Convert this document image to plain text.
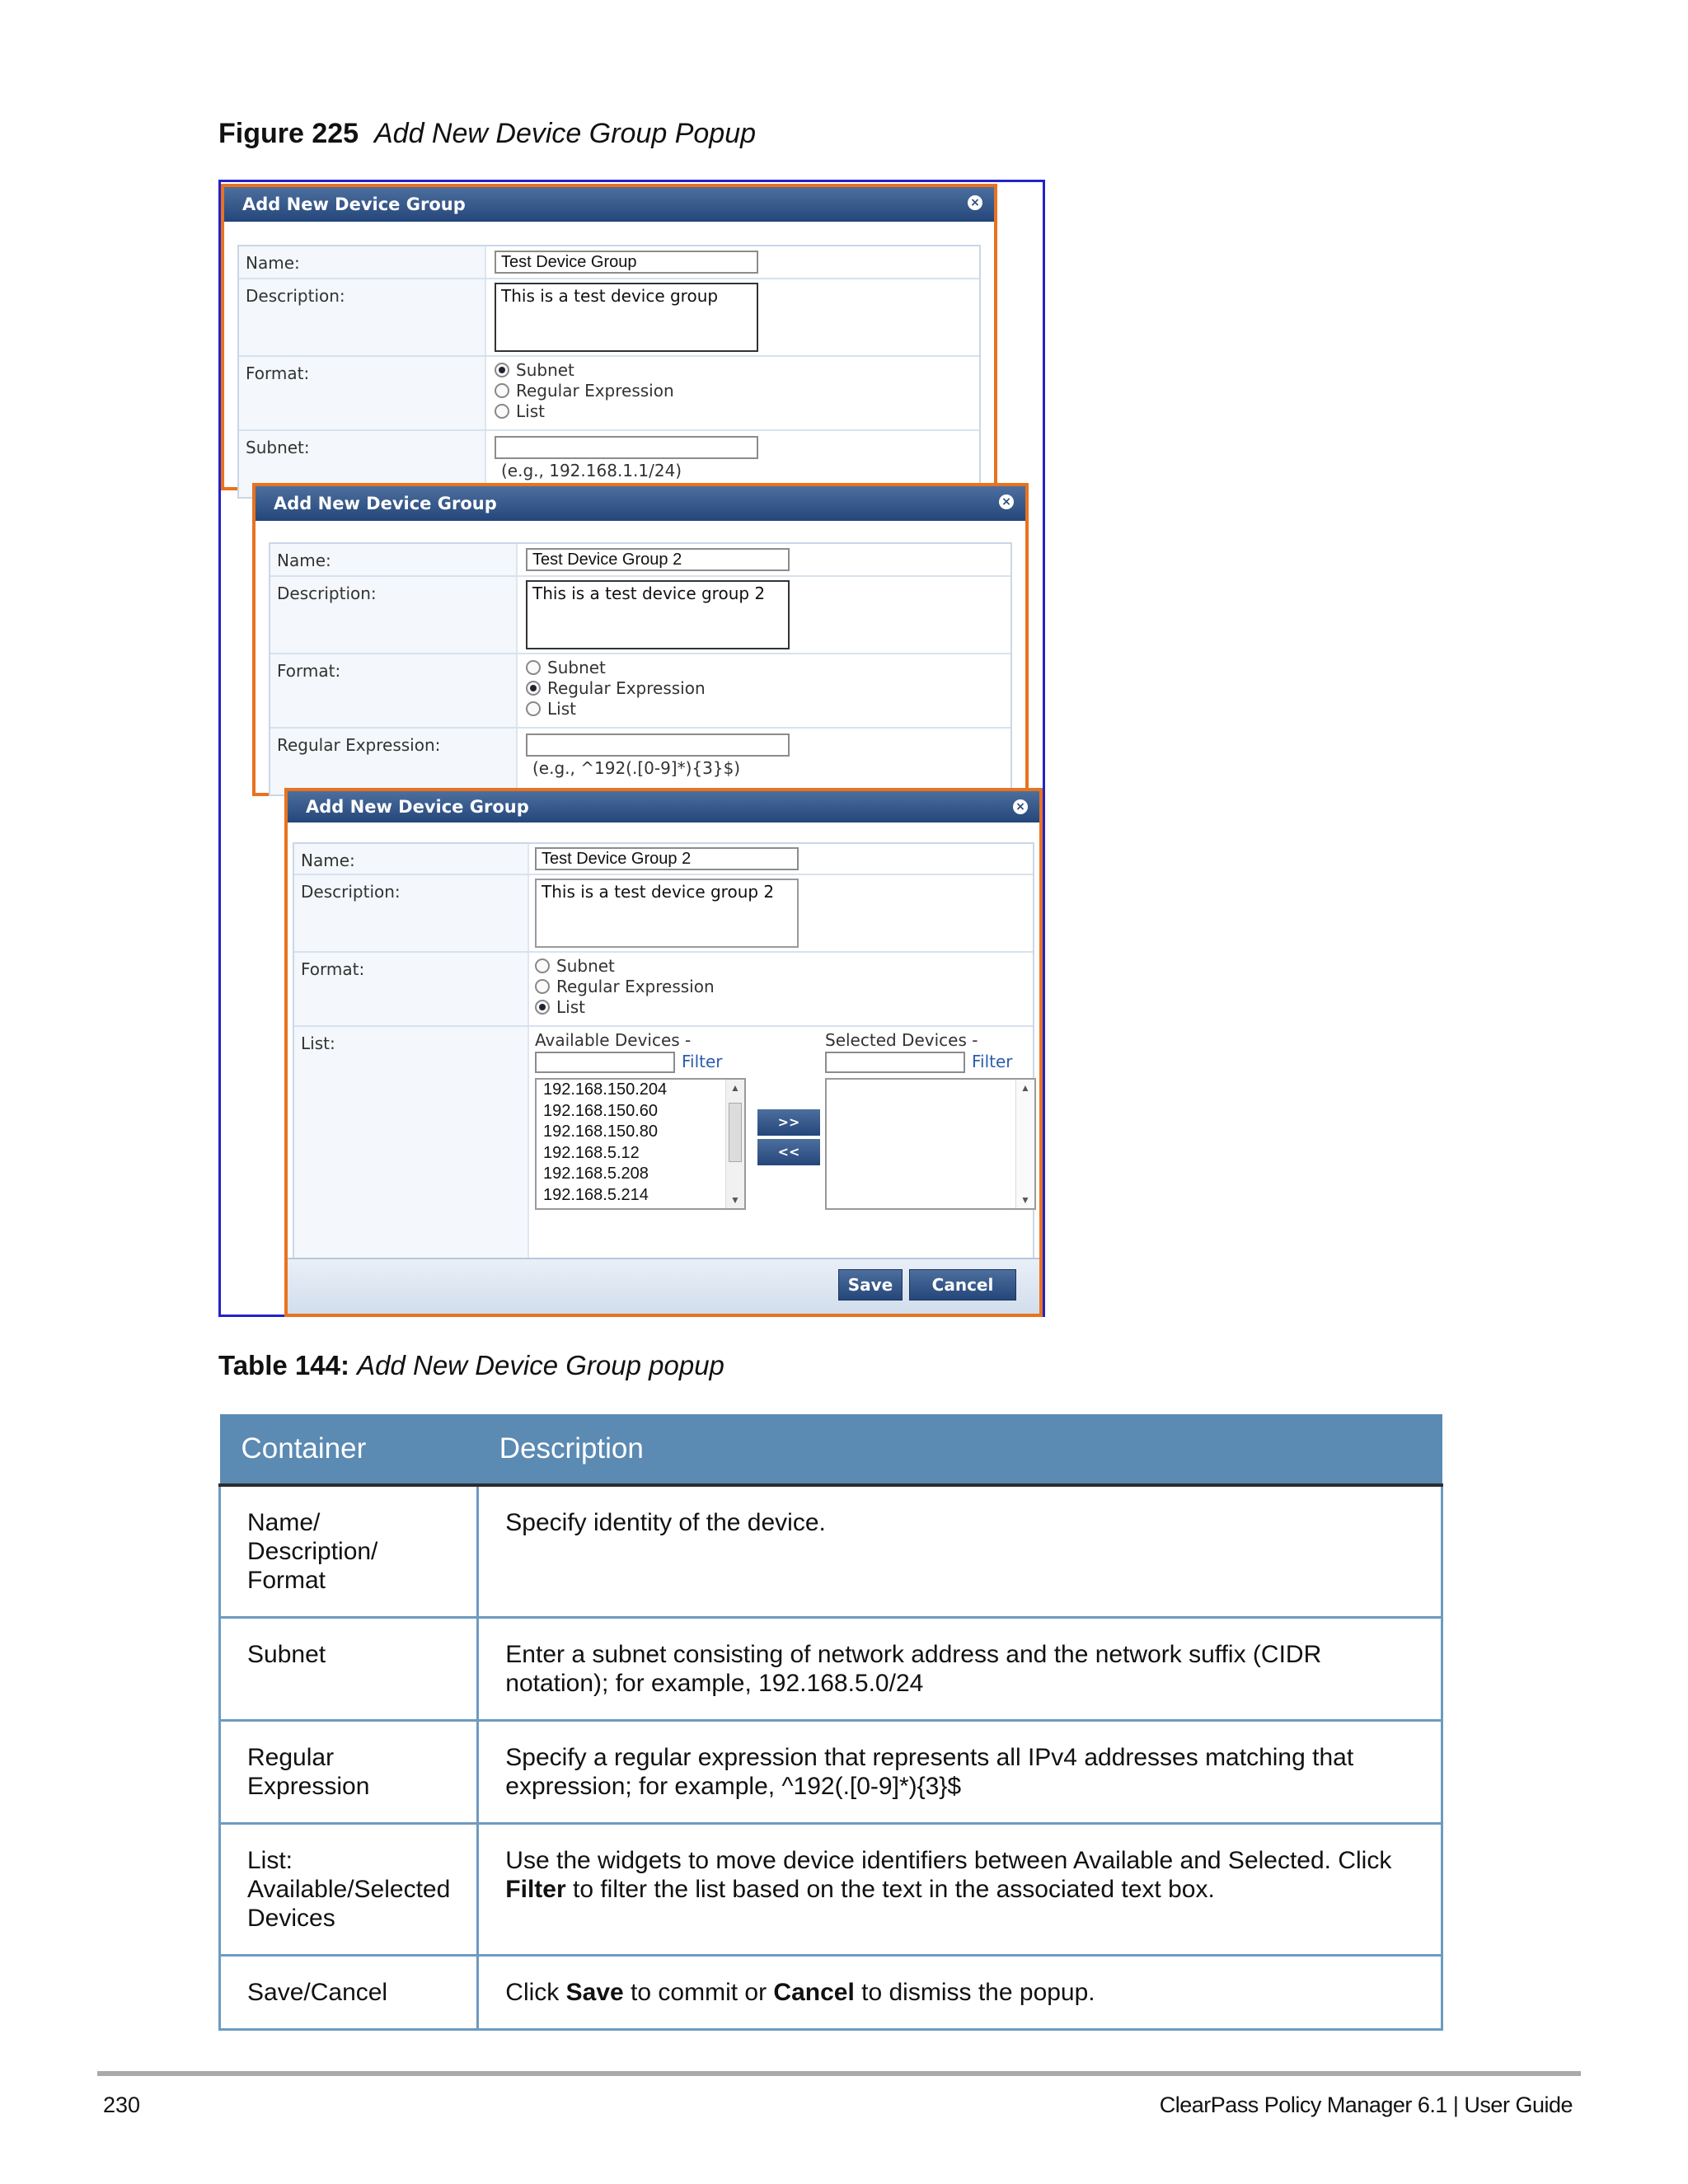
Figure 225 Add New Device Group Popup
Add New Device Group	×
Name:	Test Device Group
Description:	This is a test device group
Format:	Subnet
Regular Expression
List
Subnet:
(e.g., 192.168.1.1/24)
Add New Device Group	×
Name:	Test Device Group 2
Description:	This is a test device group 2
Format:	Subnet
Regular Expression
List
Regular Expression:
(e.g., ^192(.[0-9]*){3}$)
Add New Device Group	×
Name:	Test Device Group 2
Description:	This is a test device group 2
Format:	Subnet
Regular Expression
List
List:	Available Devices -
Filter
192.168.150.204
192.168.150.60
192.168.150.80
192.168.5.12
192.168.5.208
192.168.5.214
▲
▼
>>
<<
Selected Devices -
Filter
▲
▼
Save	Cancel
Table 144: Add New Device Group popup
Container	Description
Name/
Description/
Format	Specify identity of the device.
Subnet	Enter a subnet consisting of network address and the network suffix (CIDR notation); for example, 192.168.5.0/24
Regular
Expression	Specify a regular expression that represents all IPv4 addresses matching that expression; for example, ^192(.[0-9]*){3}$
List:
Available/Selected
Devices	Use the widgets to move device identifiers between Available and Selected. Click Filter to filter the list based on the text in the associated text box.
Save/Cancel	Click Save to commit or Cancel to dismiss the popup.
230	ClearPass Policy Manager 6.1 | User Guide
